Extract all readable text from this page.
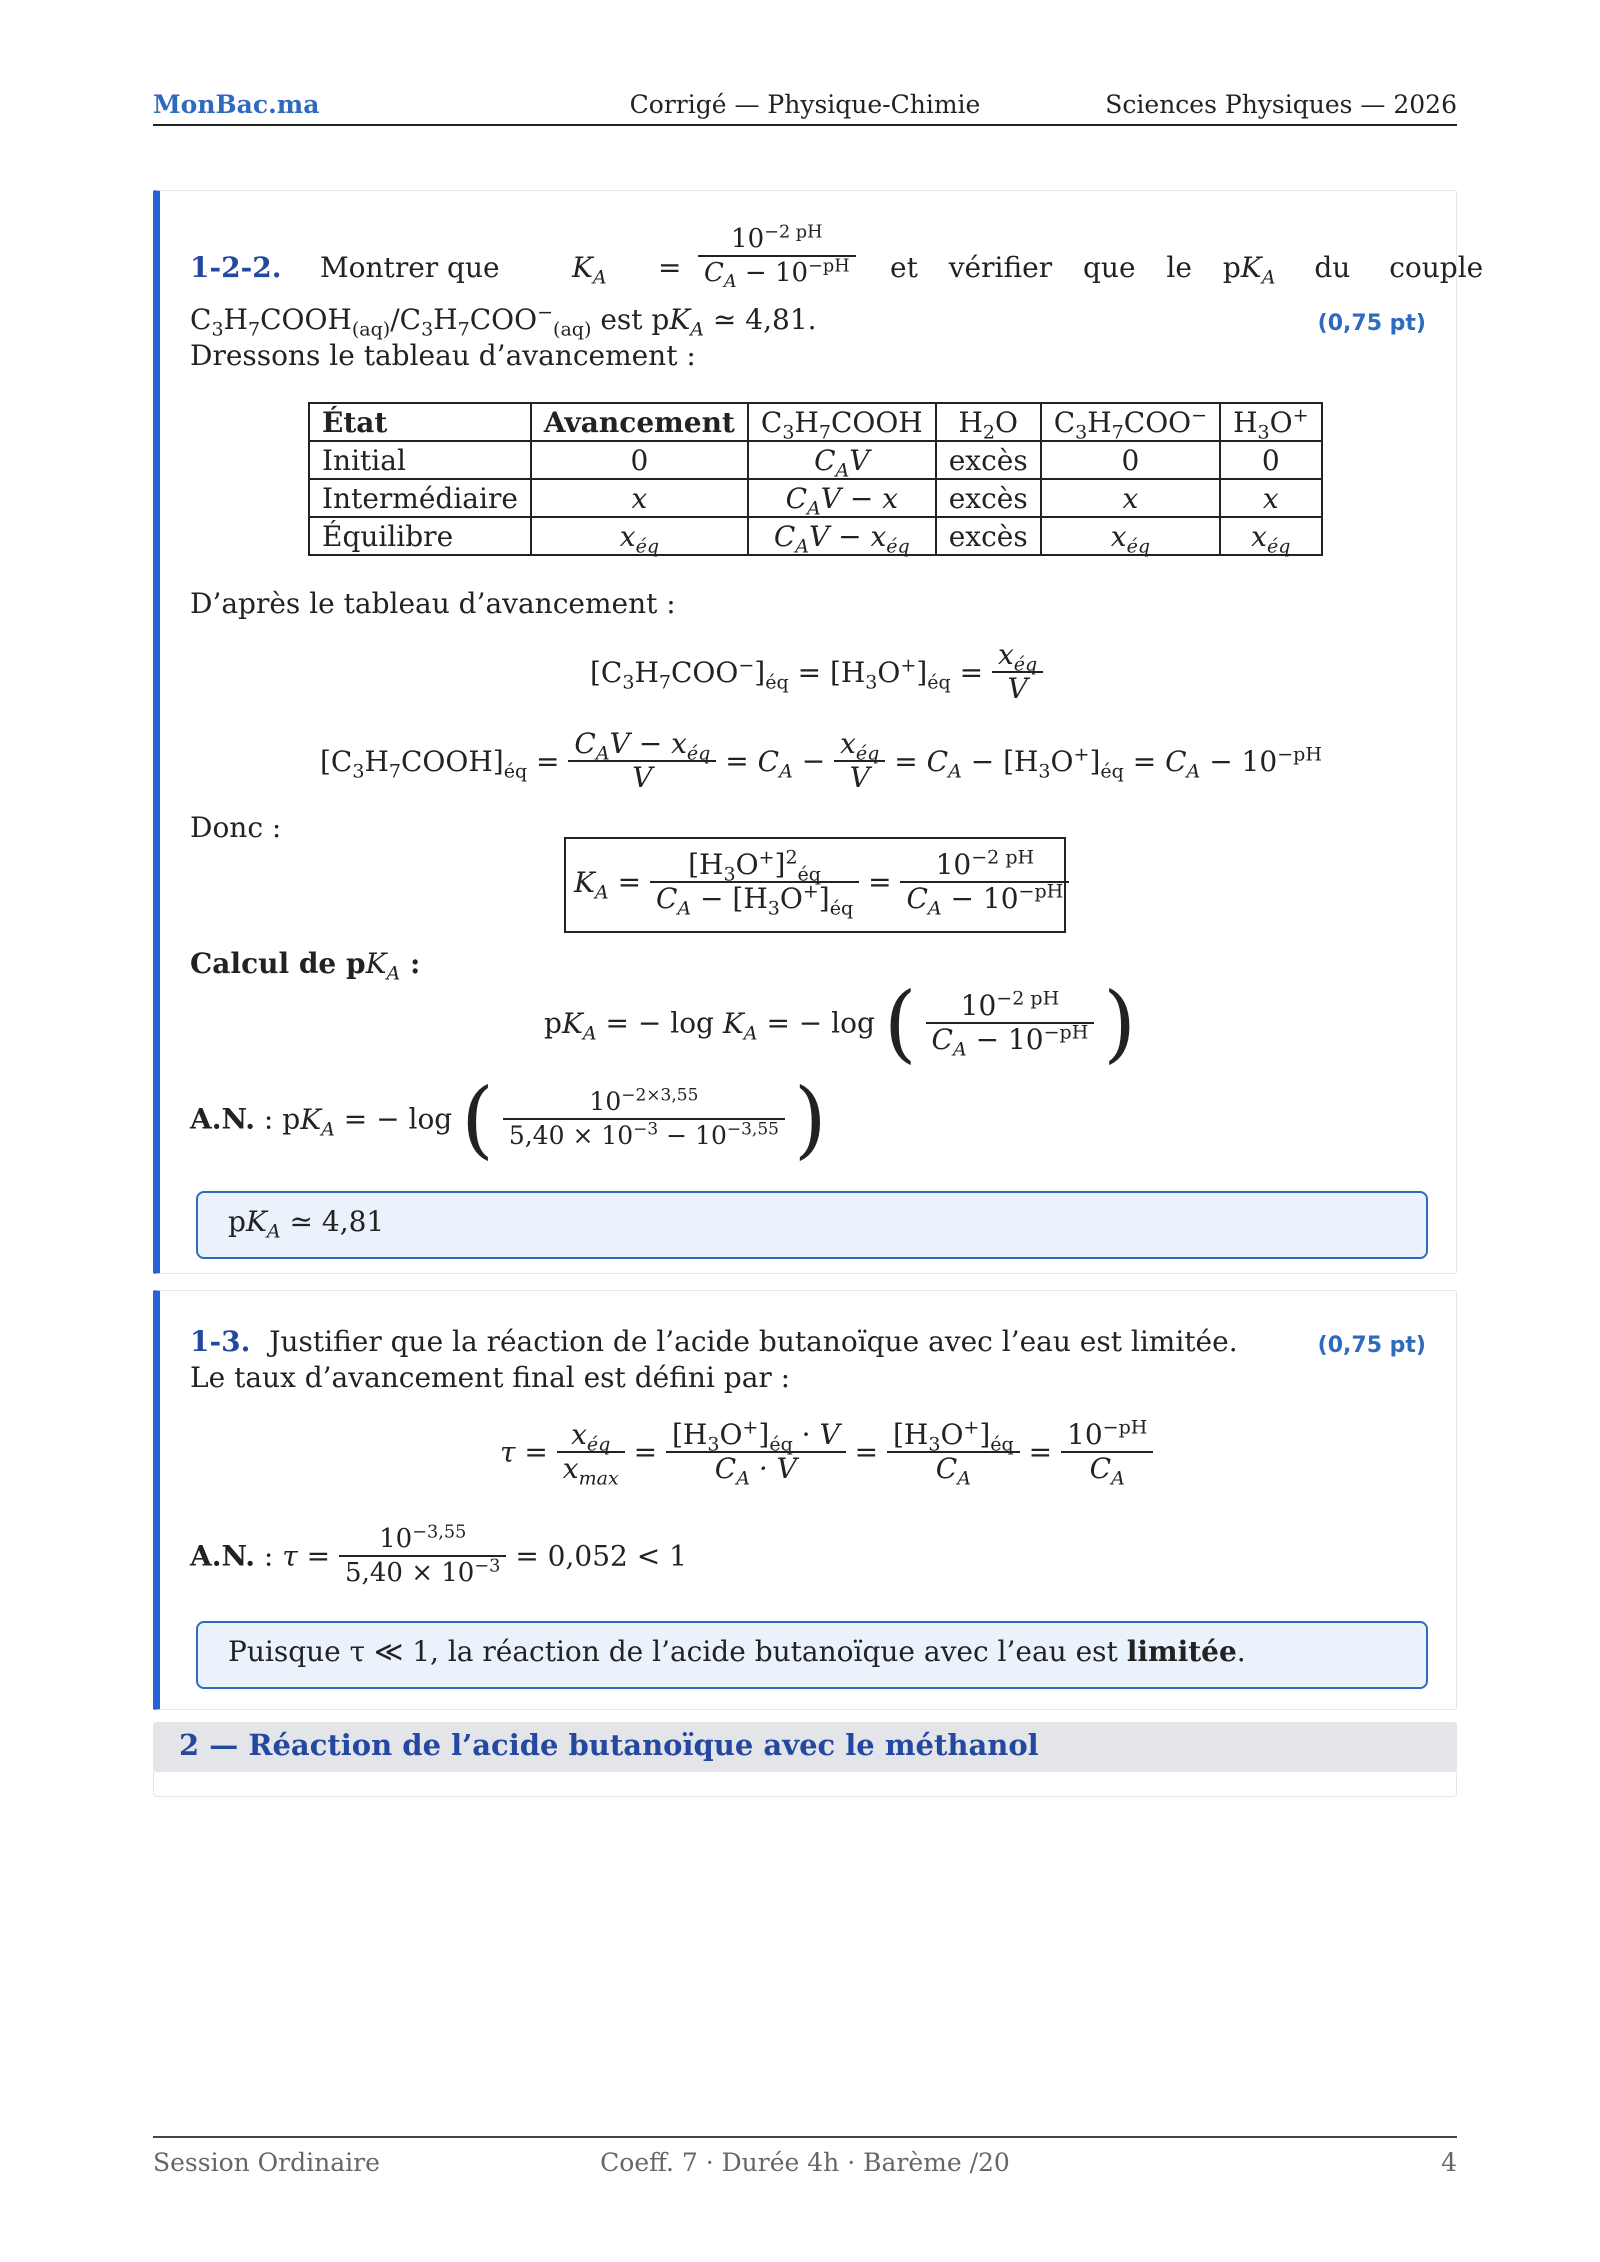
MonBac.ma	Corrigé — Physique-Chimie	Sciences Physiques — 2026
1-2-2. Montrer que	$K_A = \frac{10^{-2 pH}}{C_A - 10^{-pH}}$ et vérifier que le $pK_A$ du couple
$C_3H_7COOH_{(aq)}/C_3H_7COO^-_{(aq)}$ est $pK_A$ ≃ 4,81.	(0,75 pt)
Dressons le tableau d’avancement :
État	Avancement	$C_3H_7COOH$	$H_2O$	$C_3H_7COO^-$	$H_3O^+$
Initial	0	$C_AV$	excès	0	0
Intermédiaire	x	$C_AV - x$	excès	x	x
Équilibre	$x_{éq}$	$C_AV - x_{éq}$	excès	$x_{éq}$	$x_{éq}$
D’après le tableau d’avancement :
$[C_3H_7COO^-]_{éq} = [H_3O^+]_{éq} = \frac{x_{éq}}{V}$
$[C_3H_7COOH]_{éq} = \frac{C_AV - x_{éq}}{V} = C_A - \frac{x_{éq}}{V} = C_A - [H_3O^+]_{éq} = C_A - 10^{-pH}$
Donc :
$K_A = \frac{[H_3O^+]^2_{éq}}{C_A - [H_3O^+]_{éq}} = \frac{10^{-2 pH}}{C_A - 10^{-pH}}$
Calcul de $pK_A$ :
$pK_A$ = − $\log K_A$ = − log ( $\frac{10^{-2 pH}}{C_A - 10^{-pH}}$ )
A.N. : $pK_A$ = − log ( $\frac{10^{-2\times 3,55}}{5,40 \times 10^{-3} - 10^{-3,55}}$ )
$pK_A$ ≃ 4,81
1-3. Justifier que la réaction de l’acide butanoïque avec l’eau est limitée.	(0,75 pt)
Le taux d’avancement final est défini par :
$\tau = \frac{x_{éq}}{x_{max}} = \frac{[H_3O^+]_{éq} \cdot V}{C_A \cdot V} = \frac{[H_3O^+]_{éq}}{C_A} = \frac{10^{-pH}}{C_A}$
A.N. : $\tau = \frac{10^{-3,55}}{5,40 \times 10^{-3}} = 0,052 < 1$
Puisque τ ≪ 1, la réaction de l’acide butanoïque avec l’eau est limitée.
2 — Réaction de l’acide butanoïque avec le méthanol
Session Ordinaire	Coeff. 7 · Durée 4h · Barème /20	4
